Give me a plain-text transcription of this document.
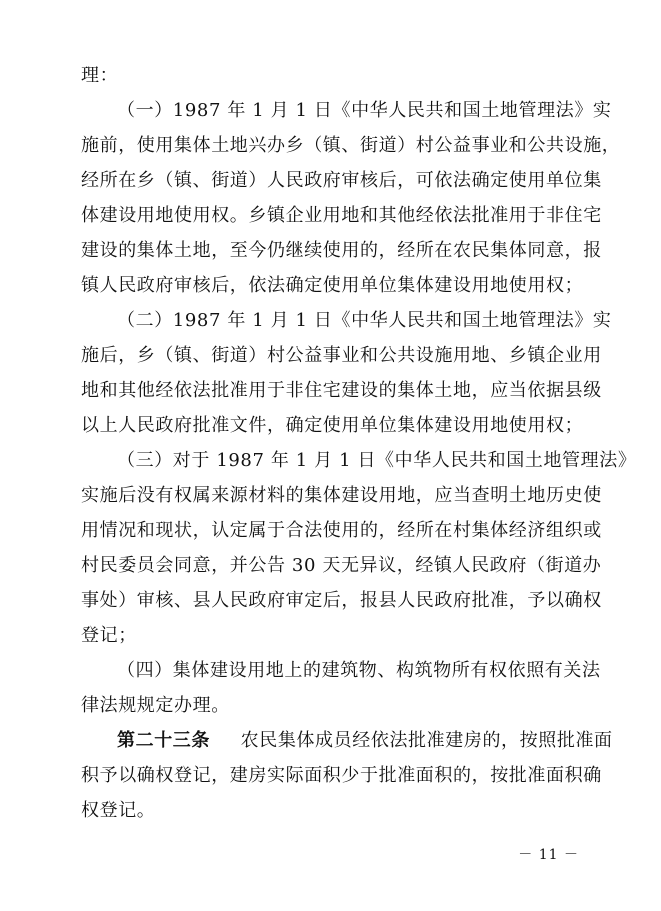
理：
（一）1987 年 1 月 1 日《中华人民共和国土地管理法》实
施前，使用集体土地兴办乡（镇、街道）村公益事业和公共设施，
经所在乡（镇、街道）人民政府审核后，可依法确定使用单位集
体建设用地使用权。乡镇企业用地和其他经依法批准用于非住宅
建设的集体土地，至今仍继续使用的，经所在农民集体同意，报
镇人民政府审核后，依法确定使用单位集体建设用地使用权；
（二）1987 年 1 月 1 日《中华人民共和国土地管理法》实
施后，乡（镇、街道）村公益事业和公共设施用地、乡镇企业用
地和其他经依法批准用于非住宅建设的集体土地，应当依据县级
以上人民政府批准文件，确定使用单位集体建设用地使用权；
（三）对于 1987 年 1 月 1 日《中华人民共和国土地管理法》
实施后没有权属来源材料的集体建设用地，应当查明土地历史使
用情况和现状，认定属于合法使用的，经所在村集体经济组织或
村民委员会同意，并公告 30 天无异议，经镇人民政府（街道办
事处）审核、县人民政府审定后，报县人民政府批准，予以确权
登记；
（四）集体建设用地上的建筑物、构筑物所有权依照有关法
律法规规定办理。
第二十三条 农民集体成员经依法批准建房的，按照批准面
积予以确权登记，建房实际面积少于批准面积的，按批准面积确
权登记。
－ 11 －
